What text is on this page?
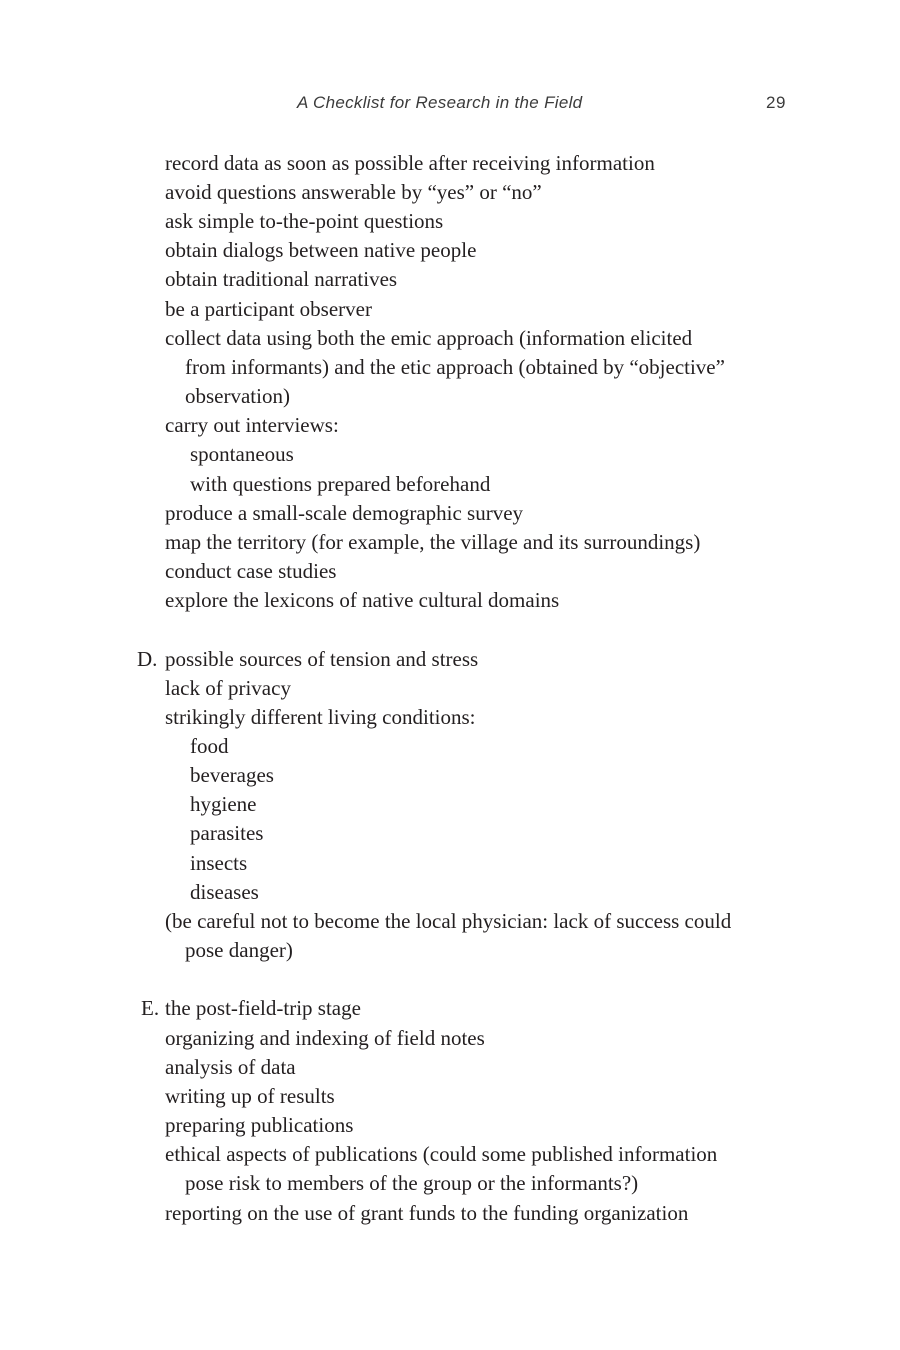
A Checklist for Research in the Field	29
record data as soon as possible after receiving information
avoid questions answerable by “yes” or “no”
ask simple to-the-point questions
obtain dialogs between native people
obtain traditional narratives
be a participant observer
collect data using both the emic approach (information elicited
from informants) and the etic approach (obtained by “objective”
observation)
carry out interviews:
spontaneous
with questions prepared beforehand
produce a small-scale demographic survey
map the territory (for example, the village and its surroundings)
conduct case studies
explore the lexicons of native cultural domains
D. possible sources of tension and stress
lack of privacy
strikingly different living conditions:
food
beverages
hygiene
parasites
insects
diseases
(be careful not to become the local physician: lack of success could
pose danger)
E. the post-field-trip stage
organizing and indexing of field notes
analysis of data
writing up of results
preparing publications
ethical aspects of publications (could some published information
pose risk to members of the group or the informants?)
reporting on the use of grant funds to the funding organization
